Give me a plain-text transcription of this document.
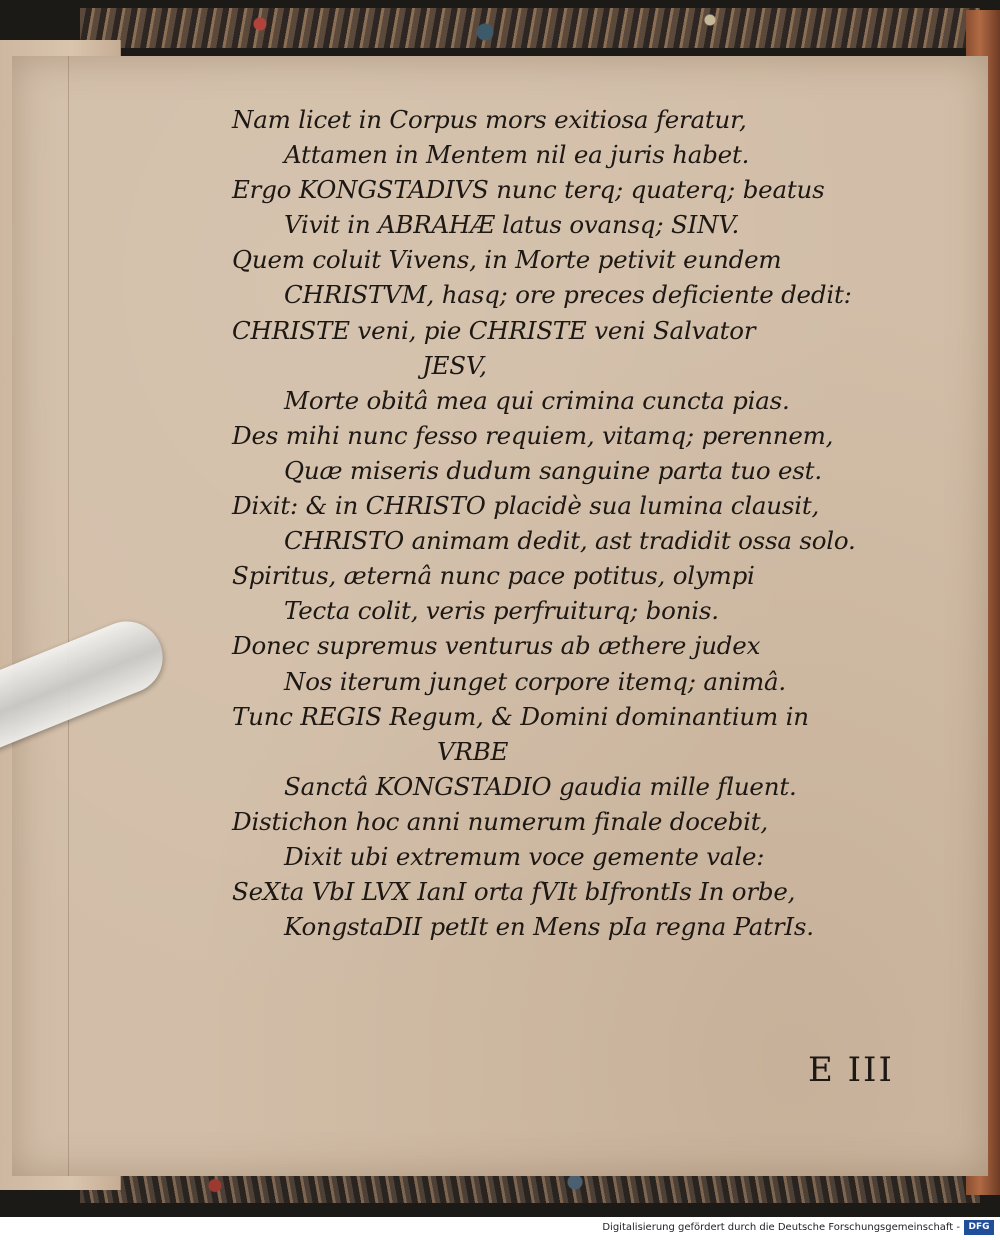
Nam licet in Corpus mors exitiosa feratur,
Attamen in Mentem nil ea juris habet.
Ergo KONGSTADIVS nunc terq; quaterq; beatus
Vivit in ABRAHÆ latus ovansq; SINV.
Quem coluit Vivens, in Morte petivit eundem
CHRISTVM, hasq; ore preces deficiente dedit:
CHRISTE veni, pie CHRISTE veni Salvator
JESV,
Morte obitâ mea qui crimina cuncta pias.
Des mihi nunc fesso requiem, vitamq; perennem,
Quæ miseris dudum sanguine parta tuo est.
Dixit: & in CHRISTO placidè sua lumina clausit,
CHRISTO animam dedit, ast tradidit ossa solo.
Spiritus, æternâ nunc pace potitus, olympi
Tecta colit, veris perfruiturq; bonis.
Donec supremus venturus ab æthere judex
Nos iterum junget corpore itemq; animâ.
Tunc REGIS Regum, & Domini dominantium in
VRBE
Sanctâ KONGSTADIO gaudia mille fluent.
Distichon hoc anni numerum finale docebit,
Dixit ubi extremum voce gemente vale:
SeXta VbI LVX IanI orta fVIt bIfrontIs In orbe,
KongstaDII petIt en Mens pIa regna PatrIs.
E III
Digitalisierung gefördert durch die Deutsche Forschungsgemeinschaft - DFG
